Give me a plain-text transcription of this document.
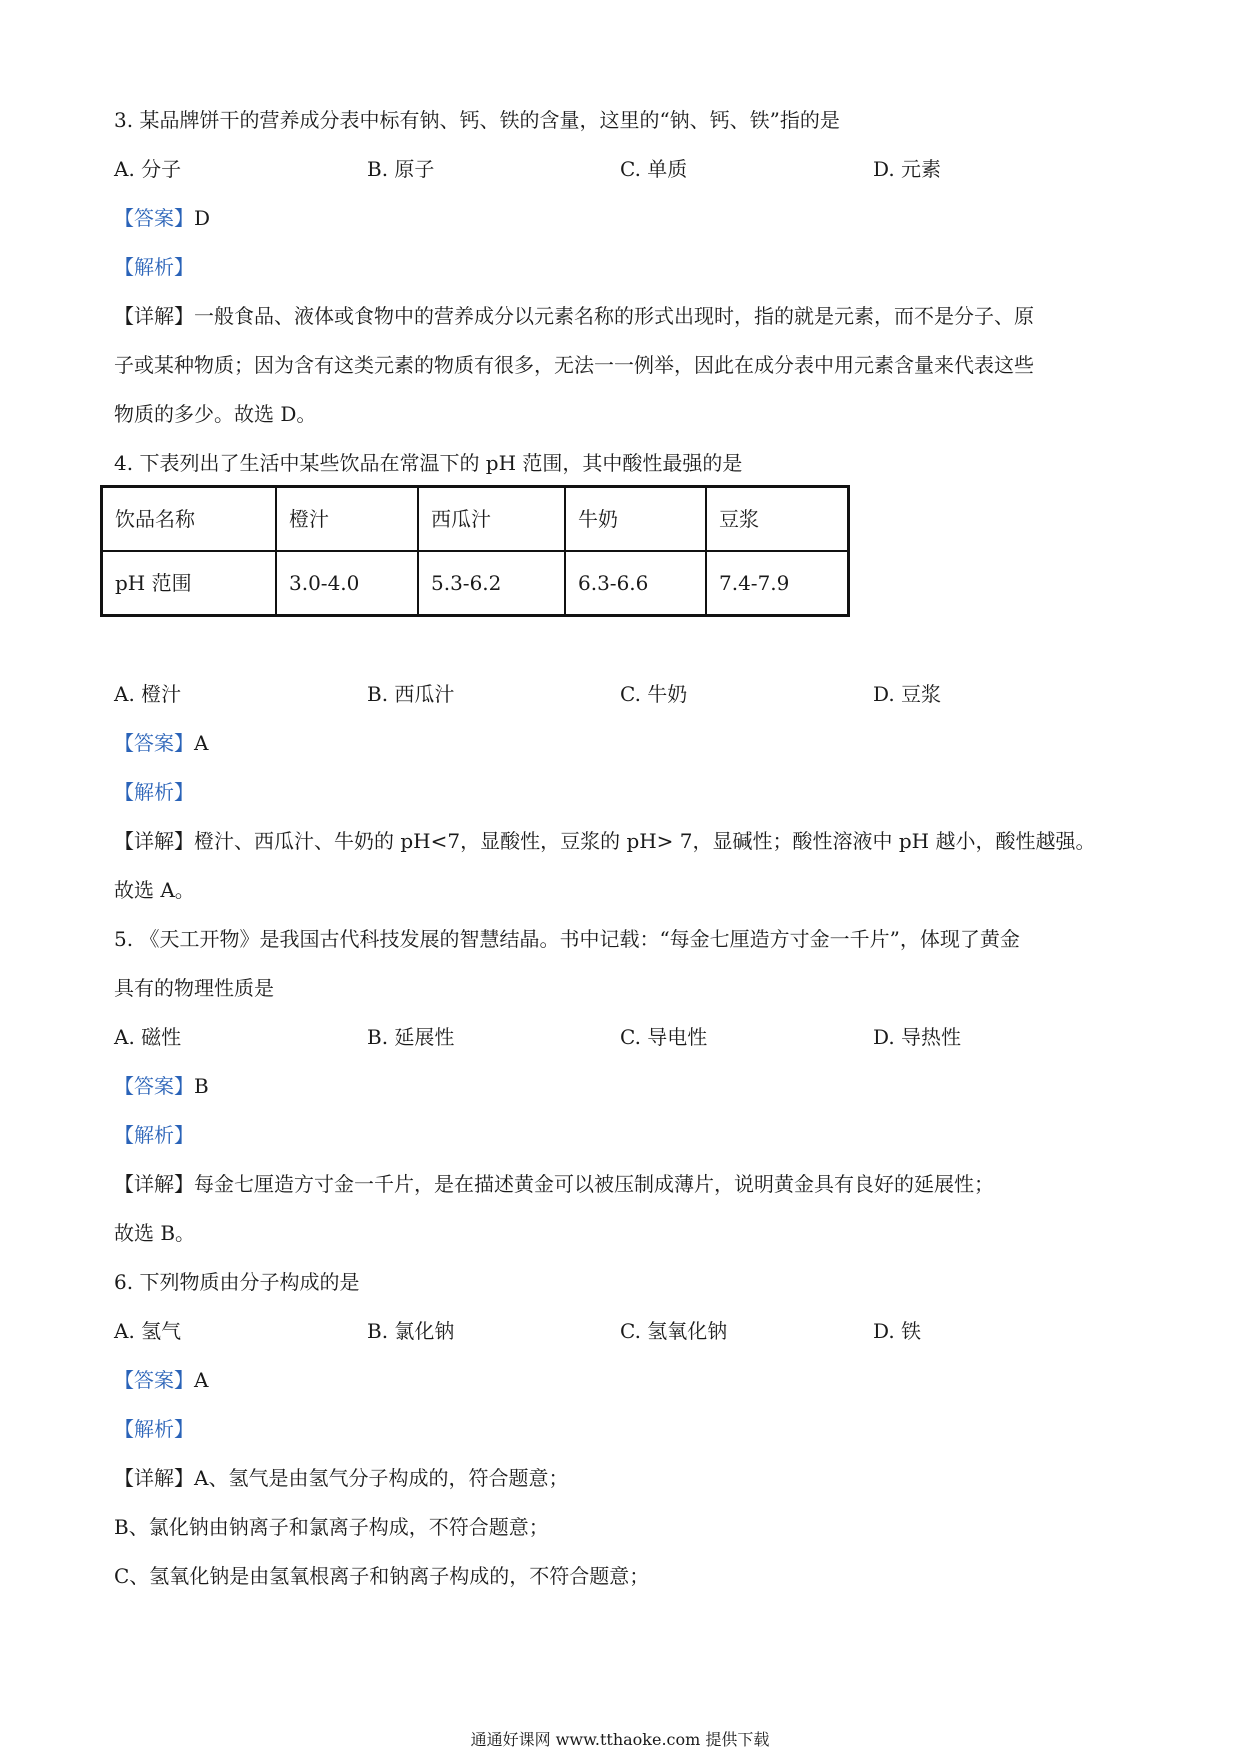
3. 某品牌饼干的营养成分表中标有钠、钙、铁的含量，这里的“钠、钙、铁”指的是
A. 分子	B. 原子	C. 单质	D. 元素
【答案】D
【解析】
【详解】一般食品、液体或食物中的营养成分以元素名称的形式出现时，指的就是元素，而不是分子、原
子或某种物质；因为含有这类元素的物质有很多，无法一一例举，因此在成分表中用元素含量来代表这些
物质的多少。故选 D。
4. 下表列出了生活中某些饮品在常温下的 pH 范围，其中酸性最强的是
饮品名称	橙汁	西瓜汁	牛奶	豆浆
pH 范围	3.0-4.0	5.3-6.2	6.3-6.6	7.4-7.9
A. 橙汁	B. 西瓜汁	C. 牛奶	D. 豆浆
【答案】A
【解析】
【详解】橙汁、西瓜汁、牛奶的 pH<7，显酸性，豆浆的 pH> 7，显碱性；酸性溶液中 pH 越小，酸性越强。
故选 A。
5. 《天工开物》是我国古代科技发展的智慧结晶。书中记载：“每金七厘造方寸金一千片”，体现了黄金
具有的物理性质是
A. 磁性	B. 延展性	C. 导电性	D. 导热性
【答案】B
【解析】
【详解】每金七厘造方寸金一千片，是在描述黄金可以被压制成薄片，说明黄金具有良好的延展性；
故选 B。
6. 下列物质由分子构成的是
A. 氢气	B. 氯化钠	C. 氢氧化钠	D. 铁
【答案】A
【解析】
【详解】A、氢气是由氢气分子构成的，符合题意；
B、氯化钠由钠离子和氯离子构成，不符合题意；
C、氢氧化钠是由氢氧根离子和钠离子构成的，不符合题意；
通通好课网 www.tthaoke.com 提供下载
